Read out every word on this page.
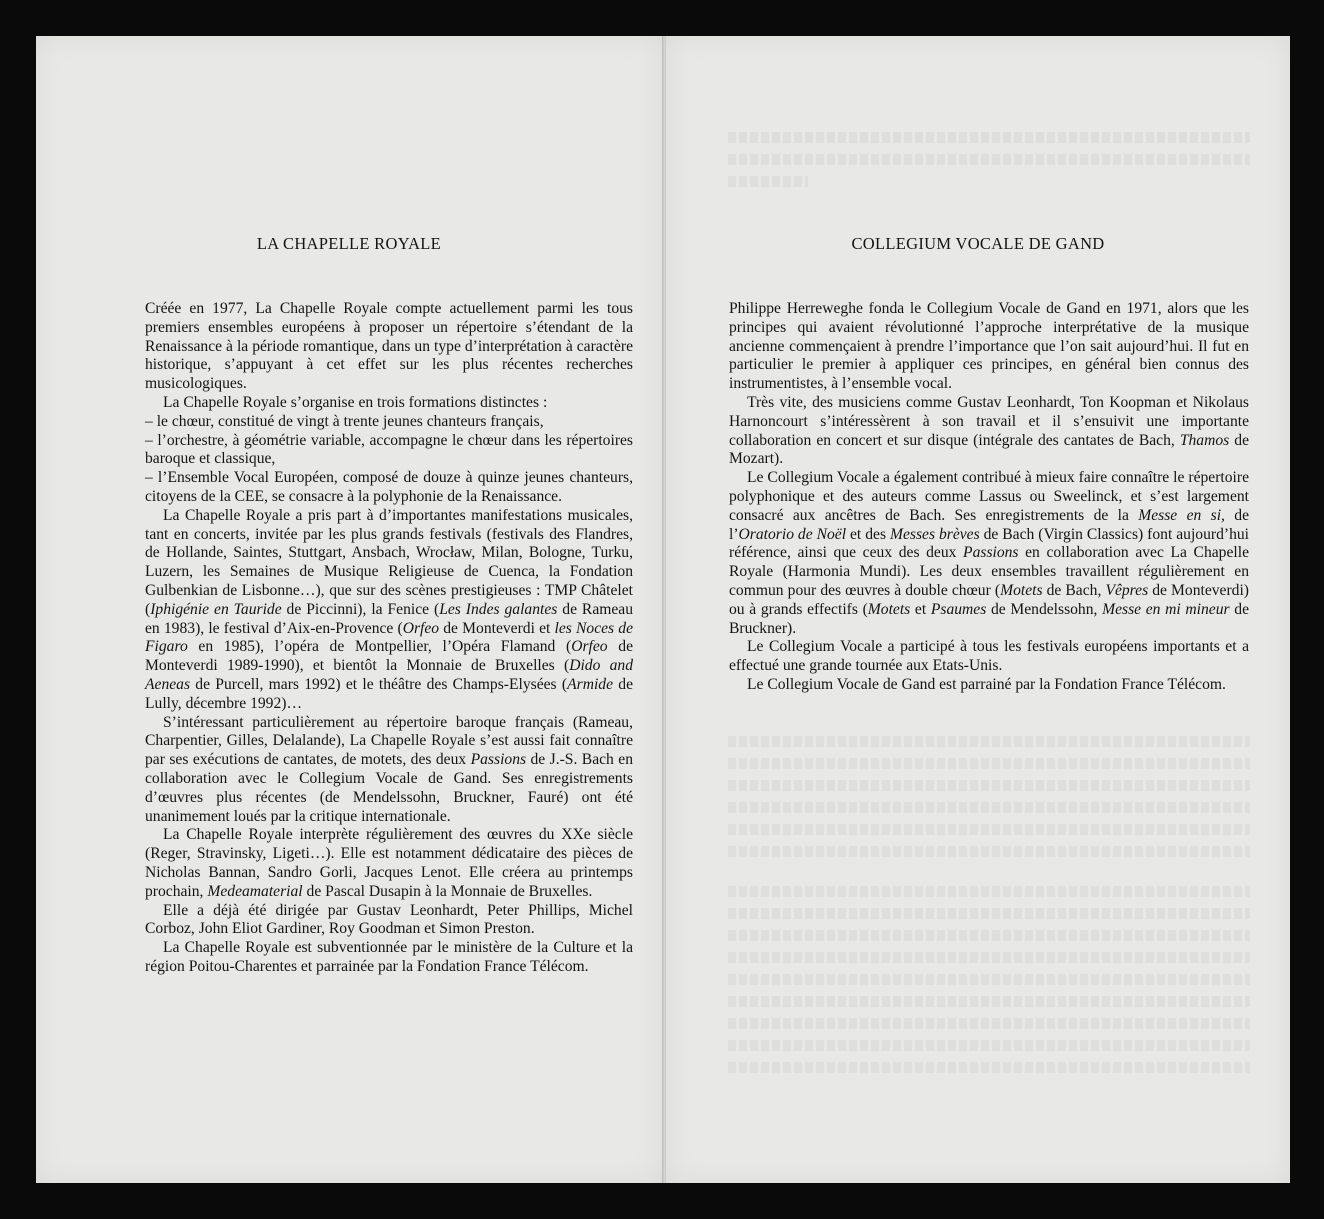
LA CHAPELLE ROYALE

Créée en 1977, La Chapelle Royale compte actuellement parmi les tous premiers ensembles européens à proposer un répertoire s’étendant de la Renaissance à la période romantique, dans un type d’interprétation à caractère historique, s’appuyant à cet effet sur les plus récentes recherches musicologiques.

La Chapelle Royale s’organise en trois formations distinctes :

– le chœur, constitué de vingt à trente jeunes chanteurs français,

– l’orchestre, à géométrie variable, accompagne le chœur dans les répertoires baroque et classique,

– l’Ensemble Vocal Européen, composé de douze à quinze jeunes chanteurs, citoyens de la CEE, se consacre à la polyphonie de la Renaissance.

La Chapelle Royale a pris part à d’importantes manifestations musicales, tant en concerts, invitée par les plus grands festivals (festivals des Flandres, de Hollande, Saintes, Stuttgart, Ansbach, Wrocław, Milan, Bologne, Turku, Luzern, les Semaines de Musique Religieuse de Cuenca, la Fondation Gulbenkian de Lisbonne…), que sur des scènes prestigieuses : TMP Châtelet (Iphigénie en Tauride de Piccinni), la Fenice (Les Indes galantes de Rameau en 1983), le festival d’Aix-en-Provence (Orfeo de Monteverdi et les Noces de Figaro en 1985), l’opéra de Montpellier, l’Opéra Flamand (Orfeo de Monteverdi 1989-1990), et bientôt la Monnaie de Bruxelles (Dido and Aeneas de Purcell, mars 1992) et le théâtre des Champs-Elysées (Armide de Lully, décembre 1992)…

S’intéressant particulièrement au répertoire baroque français (Rameau, Charpentier, Gilles, Delalande), La Chapelle Royale s’est aussi fait connaître par ses exécutions de cantates, de motets, des deux Passions de J.-S. Bach en collaboration avec le Collegium Vocale de Gand. Ses enregistrements d’œuvres plus récentes (de Mendelssohn, Bruckner, Fauré) ont été unanimement loués par la critique internationale.

La Chapelle Royale interprète régulièrement des œuvres du XXe siècle (Reger, Stravinsky, Ligeti…). Elle est notamment dédicataire des pièces de Nicholas Bannan, Sandro Gorli, Jacques Lenot. Elle créera au printemps prochain, Medeamaterial de Pascal Dusapin à la Monnaie de Bruxelles.

Elle a déjà été dirigée par Gustav Leonhardt, Peter Phillips, Michel Corboz, John Eliot Gardiner, Roy Goodman et Simon Preston.

La Chapelle Royale est subventionnée par le ministère de la Culture et la région Poitou-Charentes et parrainée par la Fondation France Télécom.

COLLEGIUM VOCALE DE GAND

Philippe Herreweghe fonda le Collegium Vocale de Gand en 1971, alors que les principes qui avaient révolutionné l’approche interprétative de la musique ancienne commençaient à prendre l’importance que l’on sait aujourd’hui. Il fut en particulier le premier à appliquer ces principes, en général bien connus des instrumentistes, à l’ensemble vocal.

Très vite, des musiciens comme Gustav Leonhardt, Ton Koopman et Nikolaus Harnoncourt s’intéressèrent à son travail et il s’ensuivit une importante collaboration en concert et sur disque (intégrale des cantates de Bach, Thamos de Mozart).

Le Collegium Vocale a également contribué à mieux faire connaître le répertoire polyphonique et des auteurs comme Lassus ou Sweelinck, et s’est largement consacré aux ancêtres de Bach. Ses enregistrements de la Messe en si, de l’Oratorio de Noël et des Messes brèves de Bach (Virgin Classics) font aujourd’hui référence, ainsi que ceux des deux Passions en collaboration avec La Chapelle Royale (Harmonia Mundi). Les deux ensembles travaillent régulièrement en commun pour des œuvres à double chœur (Motets de Bach, Vêpres de Monteverdi) ou à grands effectifs (Motets et Psaumes de Mendelssohn, Messe en mi mineur de Bruckner).

Le Collegium Vocale a participé à tous les festivals européens importants et a effectué une grande tournée aux Etats-Unis.

Le Collegium Vocale de Gand est parrainé par la Fondation France Télécom.
